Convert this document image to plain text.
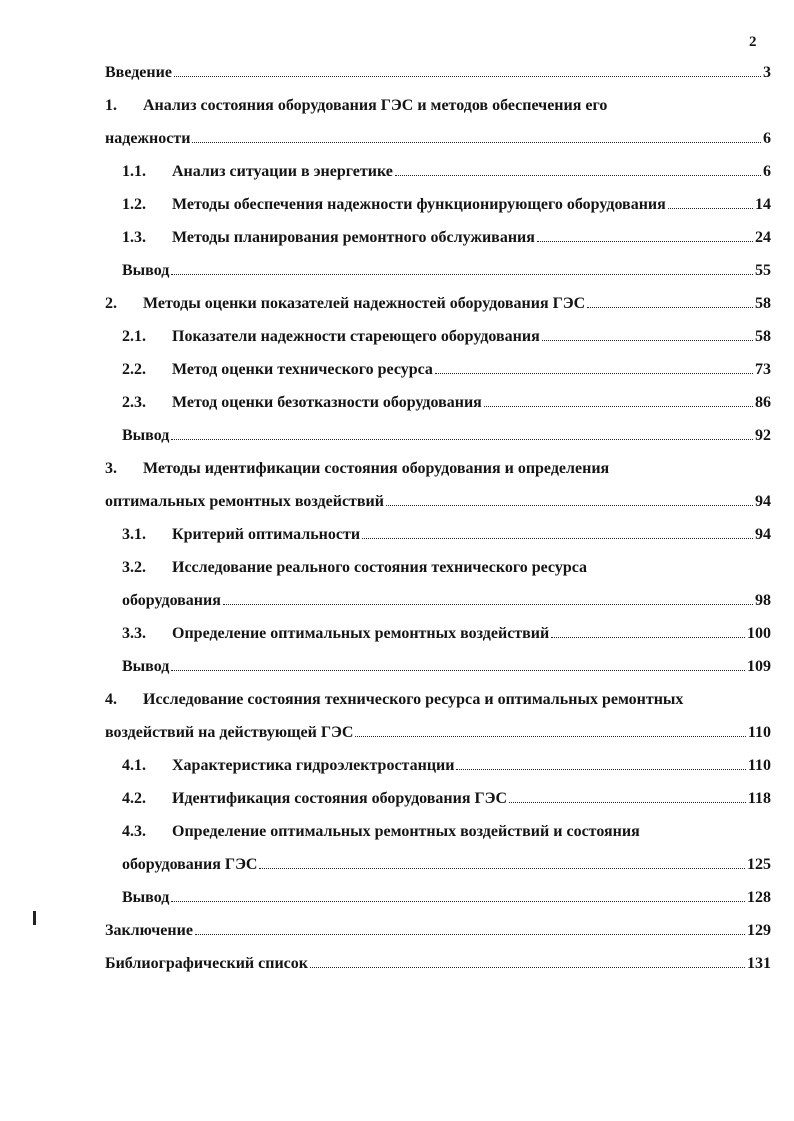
2
Введение	3
1.	Анализ состояния оборудования ГЭС и методов обеспечения его
надежности	6
1.1.	Анализ ситуации в энергетике	6
1.2.	Методы обеспечения надежности функционирующего оборудования	14
1.3.	Методы планирования ремонтного обслуживания	24
Вывод	55
2.	Методы оценки показателей надежностей оборудования ГЭС	58
2.1.	Показатели надежности стареющего оборудования	58
2.2.	Метод оценки технического ресурса	73
2.3.	Метод оценки безотказности оборудования	86
Вывод	92
3.	Методы идентификации состояния оборудования и определения
оптимальных ремонтных воздействий	94
3.1.	Критерий оптимальности	94
3.2.	Исследование реального состояния технического ресурса
оборудования	98
3.3.	Определение оптимальных ремонтных воздействий	100
Вывод	109
4.	Исследование состояния технического ресурса и оптимальных ремонтных
воздействий на действующей ГЭС	110
4.1.	Характеристика гидроэлектростанции	110
4.2.	Идентификация состояния оборудования ГЭС	118
4.3.	Определение оптимальных ремонтных воздействий и состояния
оборудования ГЭС	125
Вывод	128
Заключение	129
Библиографический список	131
